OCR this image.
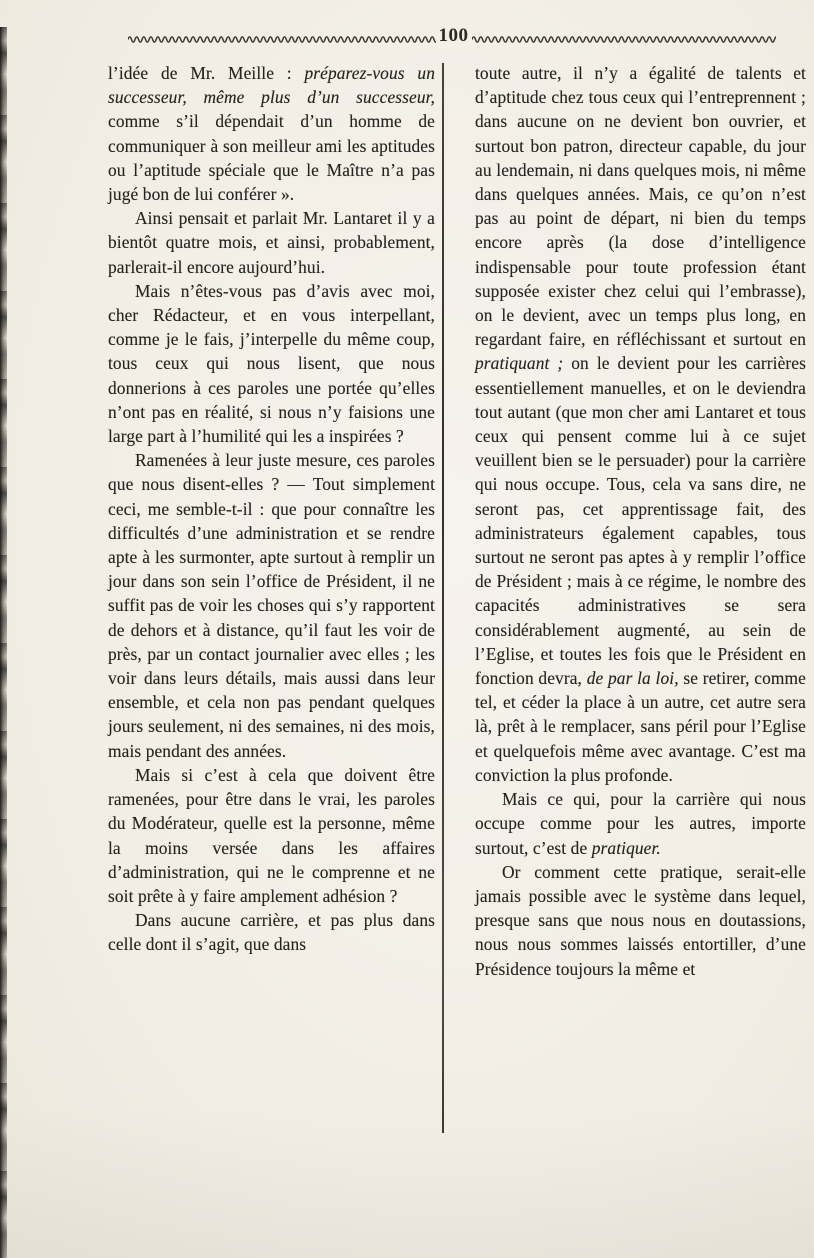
100

l’idée de Mr. Meille : préparez-vous un successeur, même plus d’un successeur, comme s’il dépendait d’un homme de communiquer à son meilleur ami les aptitudes ou l’aptitude spéciale que le Maître n’a pas jugé bon de lui conférer ».

Ainsi pensait et parlait Mr. Lantaret il y a bientôt quatre mois, et ainsi, probablement, parlerait-il encore aujourd’hui.

Mais n’êtes-vous pas d’avis avec moi, cher Rédacteur, et en vous interpellant, comme je le fais, j’interpelle du même coup, tous ceux qui nous lisent, que nous donnerions à ces paroles une portée qu’elles n’ont pas en réalité, si nous n’y faisions une large part à l’humilité qui les a inspirées ?

Ramenées à leur juste mesure, ces paroles que nous disent-elles ? — Tout simplement ceci, me semble-t-il : que pour connaître les difficultés d’une administration et se rendre apte à les surmonter, apte surtout à remplir un jour dans son sein l’office de Président, il ne suffit pas de voir les choses qui s’y rapportent de dehors et à distance, qu’il faut les voir de près, par un contact journalier avec elles ; les voir dans leurs détails, mais aussi dans leur ensemble, et cela non pas pendant quelques jours seulement, ni des semaines, ni des mois, mais pendant des années.

Mais si c’est à cela que doivent être ramenées, pour être dans le vrai, les paroles du Modérateur, quelle est la personne, même la moins versée dans les affaires d’administration, qui ne le comprenne et ne soit prête à y faire amplement adhésion ?

Dans aucune carrière, et pas plus dans celle dont il s’agit, que dans

toute autre, il n’y a égalité de talents et d’aptitude chez tous ceux qui l’entreprennent ; dans aucune on ne devient bon ouvrier, et surtout bon patron, directeur capable, du jour au lendemain, ni dans quelques mois, ni même dans quelques années. Mais, ce qu’on n’est pas au point de départ, ni bien du temps encore après (la dose d’intelligence indispensable pour toute profession étant supposée exister chez celui qui l’embrasse), on le devient, avec un temps plus long, en regardant faire, en réfléchissant et surtout en pratiquant ; on le devient pour les carrières essentiellement manuelles, et on le deviendra tout autant (que mon cher ami Lantaret et tous ceux qui pensent comme lui à ce sujet veuillent bien se le persuader) pour la carrière qui nous occupe. Tous, cela va sans dire, ne seront pas, cet apprentissage fait, des administrateurs également capables, tous surtout ne seront pas aptes à y remplir l’office de Président ; mais à ce régime, le nombre des capacités administratives se sera considérablement augmenté, au sein de l’Eglise, et toutes les fois que le Président en fonction devra, de par la loi, se retirer, comme tel, et céder la place à un autre, cet autre sera là, prêt à le remplacer, sans péril pour l’Eglise et quelquefois même avec avantage. C’est ma conviction la plus profonde.

Mais ce qui, pour la carrière qui nous occupe comme pour les autres, importe surtout, c’est de pratiquer.

Or comment cette pratique, serait-elle jamais possible avec le système dans lequel, presque sans que nous nous en doutassions, nous nous sommes laissés entortiller, d’une Présidence toujours la même et
